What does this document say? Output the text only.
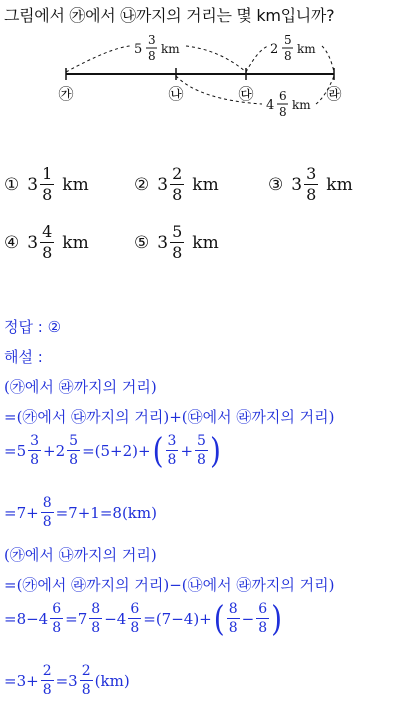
그림에서 ㉮에서 ㉯까지의 거리는 몇 km입니까?
5
3
8 km	2
5
8 km
4
6
8 km
㉮	㉯	㉰	㉱
① $3 \frac{1}{8}$ km	② $3 \frac{2}{8}$ km	③ $3 \frac{3}{8}$ km
④ $3 \frac{4}{8}$ km	⑤ $3 \frac{5}{8}$ km
정답 : ②
해설 :
(㉮에서 ㉱까지의 거리)
=(㉮에서 ㉰까지의 거리)+(㉰에서 ㉱까지의 거리)
$=5 \frac{3}{8} +2 \frac{5}{8} =(5+2)+$ ( $\frac{3}{8} + \frac{5}{8}$ )
$=7+ \frac{8}{8} =7+1=8(km)$
(㉮에서 ㉯까지의 거리)
=(㉮에서 ㉱까지의 거리)−(㉯에서 ㉱까지의 거리)
$=8-4 \frac{6}{8} =7 \frac{8}{8} -4 \frac{6}{8} =(7-4)+$ ( $\frac{8}{8} - \frac{6}{8}$ )
$=3+ \frac{2}{8} =3 \frac{2}{8} (km)$
